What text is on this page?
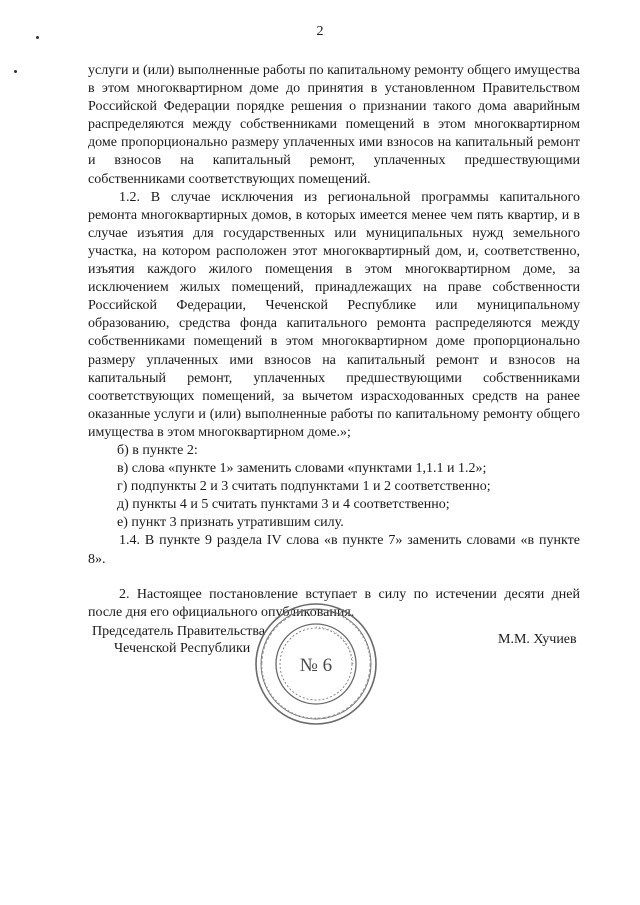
2

услуги и (или) выполненные работы по капитальному ремонту общего имущества в этом многоквартирном доме до принятия в установленном Правительством Российской Федерации порядке решения о признании такого дома аварийным распределяются между собственниками помещений в этом многоквартирном доме пропорционально размеру уплаченных ими взносов на капитальный ремонт и взносов на капитальный ремонт, уплаченных предшествующими собственниками соответствующих помещений.

1.2. В случае исключения из региональной программы капитального ремонта многоквартирных домов, в которых имеется менее чем пять квартир, и в случае изъятия для государственных или муниципальных нужд земельного участка, на котором расположен этот многоквартирный дом, и, соответственно, изъятия каждого жилого помещения в этом многоквартирном доме, за исключением жилых помещений, принадлежащих на праве собственности Российской Федерации, Чеченской Республике или муниципальному образованию, средства фонда капитального ремонта распределяются между собственниками помещений в этом многоквартирном доме пропорционально размеру уплаченных ими взносов на капитальный ремонт и взносов на капитальный ремонт, уплаченных предшествующими собственниками соответствующих помещений, за вычетом израсходованных средств на ранее оказанные услуги и (или) выполненные работы по капитальному ремонту общего имущества в этом многоквартирном доме.»;

б) в пункте 2:

в) слова «пункте 1» заменить словами «пунктами 1,1.1 и 1.2»;

г) подпункты 2 и 3 считать подпунктами 1 и 2 соответственно;

д) пункты 4 и 5 считать пунктами 3 и 4 соответственно;

е) пункт 3 признать утратившим силу.

1.4. В пункте 9 раздела IV слова «в пункте 7» заменить словами «в пункте 8».

2. Настоящее постановление вступает в силу по истечении десяти дней после дня его официального опубликования.

Председатель Правительства
Чеченской Республики
М.М. Хучиев
№ 6
